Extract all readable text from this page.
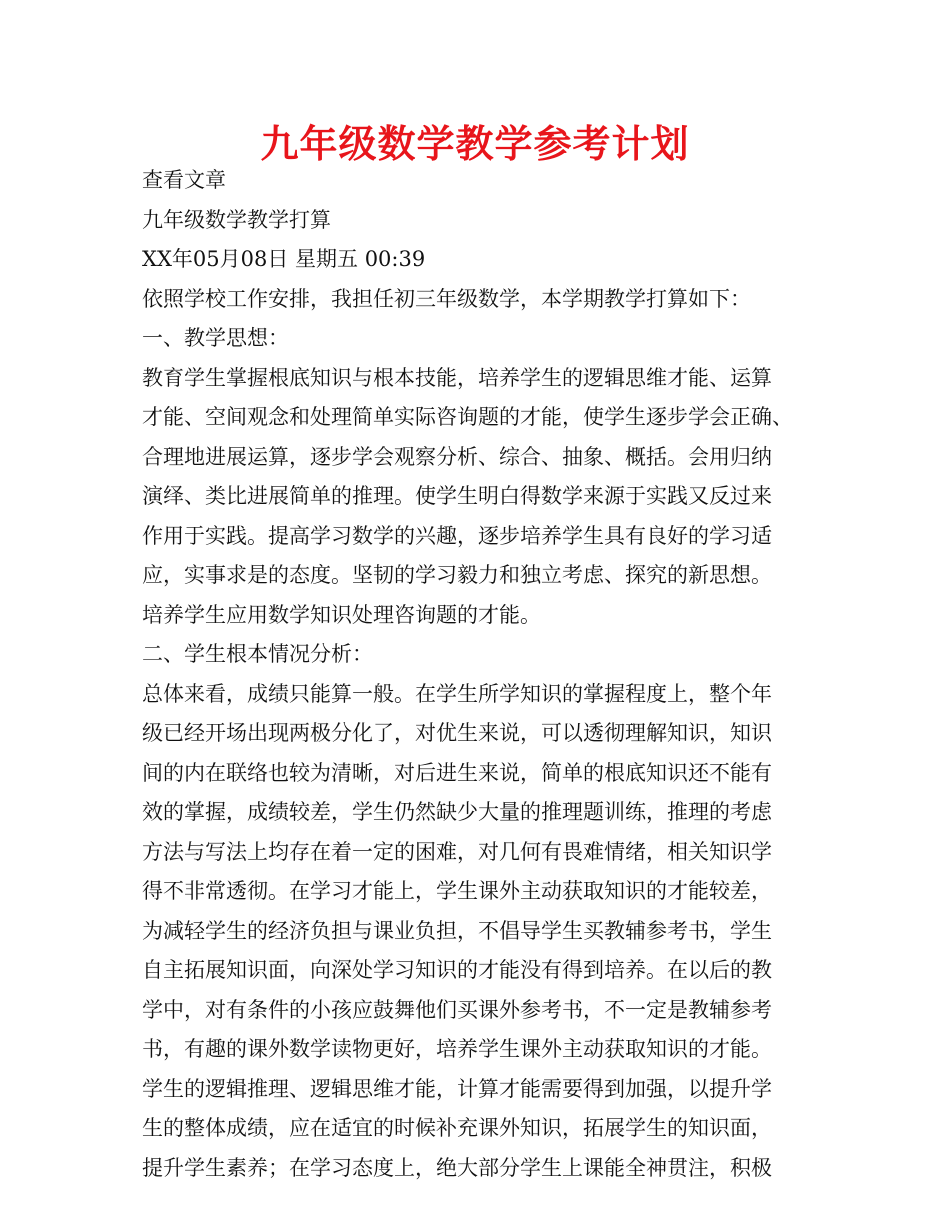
九年级数学教学参考计划
查看文章
九年级数学教学打算
XX年05月08日 星期五 00:39
依照学校工作安排，我担任初三年级数学，本学期教学打算如下：
一、教学思想：
教育学生掌握根底知识与根本技能，培养学生的逻辑思维才能、运算
才能、空间观念和处理简单实际咨询题的才能，使学生逐步学会正确、
合理地进展运算，逐步学会观察分析、综合、抽象、概括。会用归纳
演绎、类比进展简单的推理。使学生明白得数学来源于实践又反过来
作用于实践。提高学习数学的兴趣，逐步培养学生具有良好的学习适
应，实事求是的态度。坚韧的学习毅力和独立考虑、探究的新思想。
培养学生应用数学知识处理咨询题的才能。
二、学生根本情况分析：
总体来看，成绩只能算一般。在学生所学知识的掌握程度上，整个年
级已经开场出现两极分化了，对优生来说，可以透彻理解知识，知识
间的内在联络也较为清晰，对后进生来说，简单的根底知识还不能有
效的掌握，成绩较差，学生仍然缺少大量的推理题训练，推理的考虑
方法与写法上均存在着一定的困难，对几何有畏难情绪，相关知识学
得不非常透彻。在学习才能上，学生课外主动获取知识的才能较差，
为减轻学生的经济负担与课业负担，不倡导学生买教辅参考书，学生
自主拓展知识面，向深处学习知识的才能没有得到培养。在以后的教
学中，对有条件的小孩应鼓舞他们买课外参考书，不一定是教辅参考
书，有趣的课外数学读物更好，培养学生课外主动获取知识的才能。
学生的逻辑推理、逻辑思维才能，计算才能需要得到加强，以提升学
生的整体成绩，应在适宜的时候补充课外知识，拓展学生的知识面，
提升学生素养；在学习态度上，绝大部分学生上课能全神贯注，积极
